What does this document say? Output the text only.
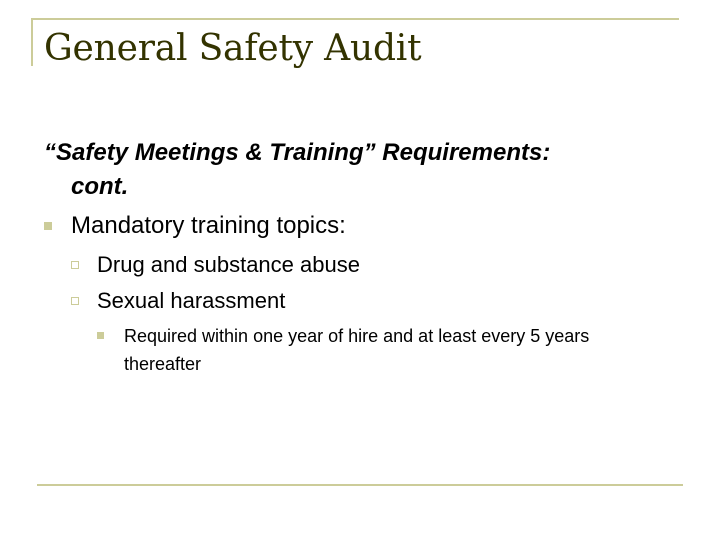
General Safety Audit
“Safety Meetings & Training” Requirements:
cont.
Mandatory training topics:
Drug and substance abuse
Sexual harassment
Required within one year of hire and at least every 5 years thereafter
